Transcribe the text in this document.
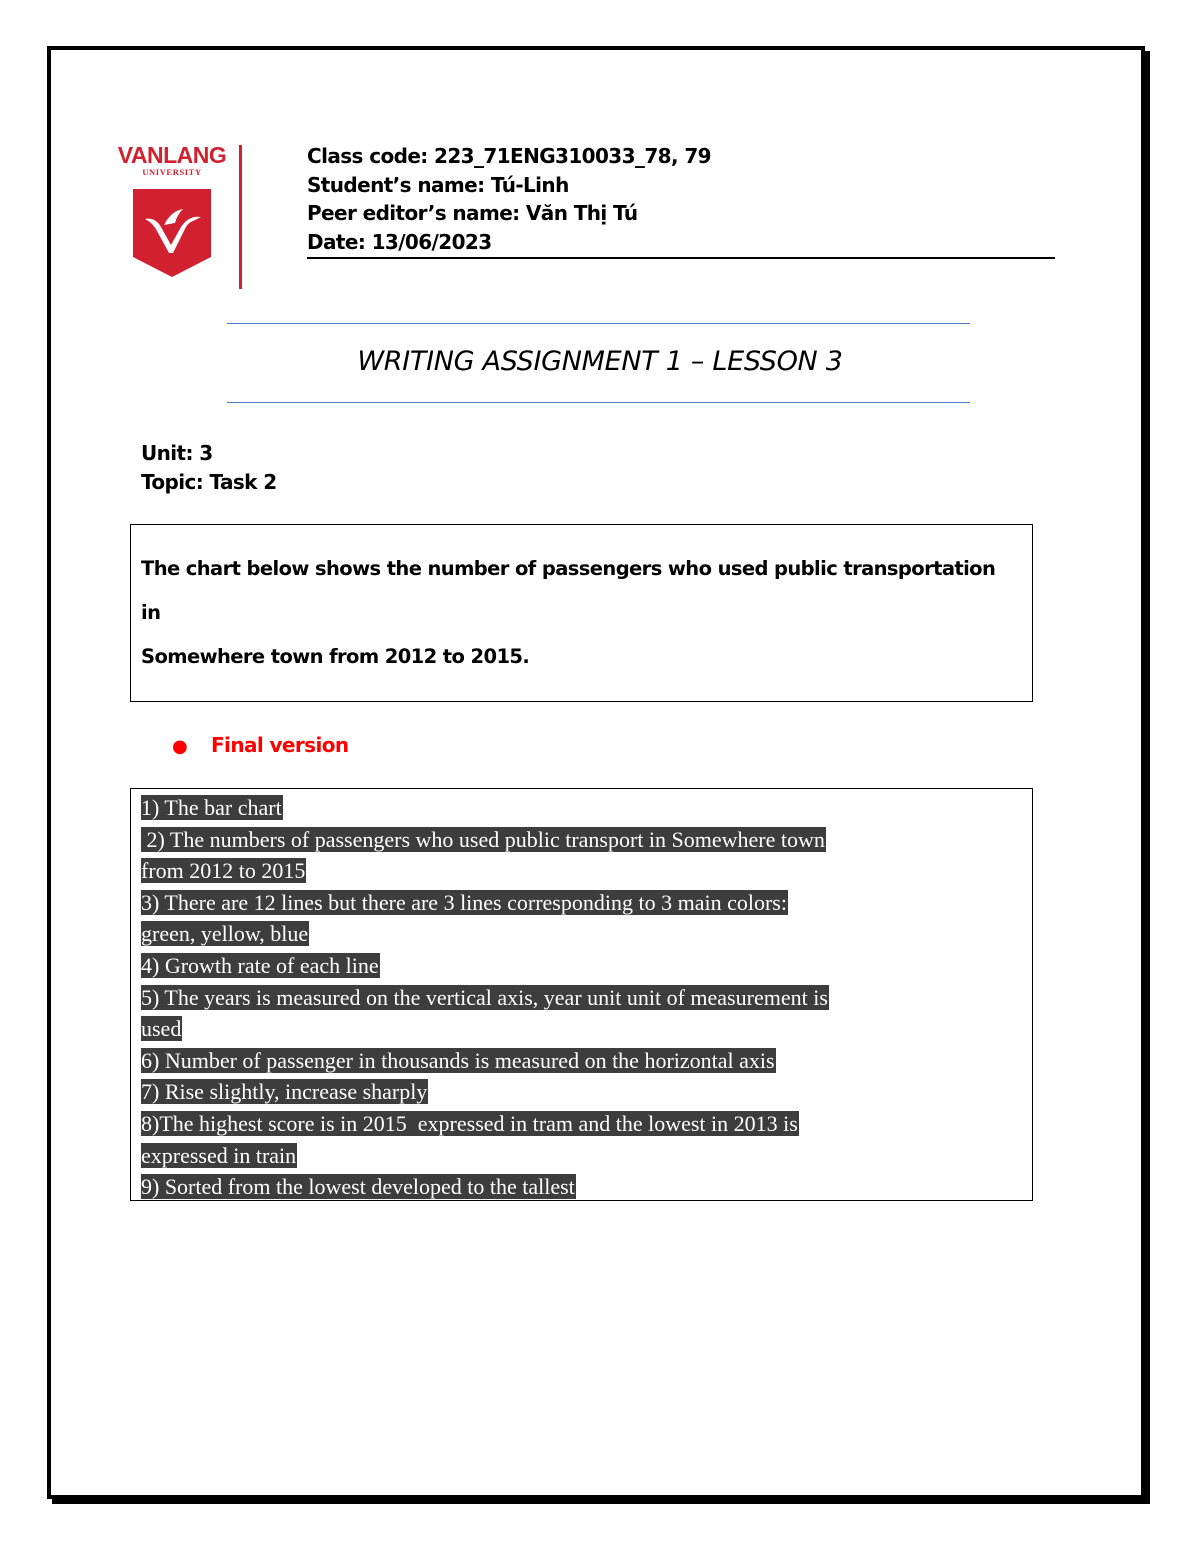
VANLANG
UNIVERSITY
Class code: 223_71ENG310033_78, 79
Student’s name: Tú-Linh
Peer editor’s name: Văn Thị Tú
Date: 13/06/2023
WRITING ASSIGNMENT 1 – LESSON 3
Unit: 3
Topic: Task 2
The chart below shows the number of passengers who used public transportation in
Somewhere town from 2012 to 2015.
● Final version
1) The bar chart
2) The numbers of passengers who used public transport in Somewhere town
from 2012 to 2015
3) There are 12 lines but there are 3 lines corresponding to 3 main colors:
green, yellow, blue
4) Growth rate of each line
5) The years is measured on the vertical axis, year unit unit of measurement is
used
6) Number of passenger in thousands is measured on the horizontal axis
7) Rise slightly, increase sharply
8)The highest score is in 2015  expressed in tram and the lowest in 2013 is
expressed in train
9) Sorted from the lowest developed to the tallest
